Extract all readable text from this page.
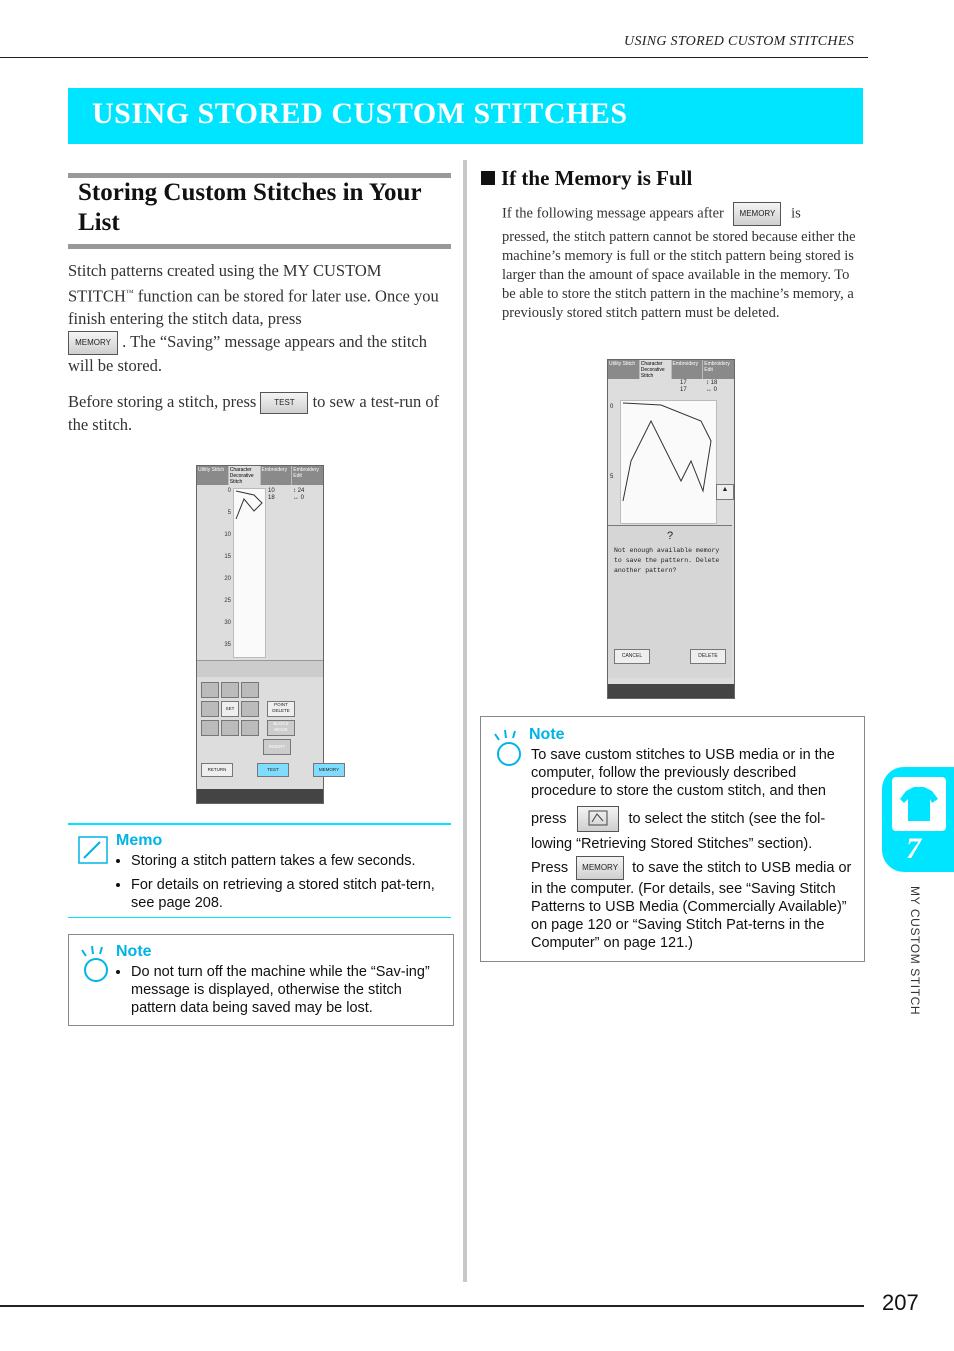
USING STORED CUSTOM STITCHES
USING STORED CUSTOM STITCHES
Storing Custom Stitches in Your List
Stitch patterns created using the MY CUSTOM STITCH™ function can be stored for later use. Once you finish entering the stitch data, press
MEMORY . The “Saving” message appears and the stitch will be stored.
Before storing a stitch, press TEST to sew a test-run of the stitch.
Utility Stitch	Character Decorative Stitch
Embroidery	Embroidery Edit
0
5
10
15
20
25
30
35
10
18
↕ 24
↔ 0
SET
POINT DELETE
BLOCK MOVE
INSERT
RETURN	TEST	MEMORY
Memo
• Storing a stitch pattern takes a few seconds.
• For details on retrieving a stored stitch pat-tern, see page 208.
Note
• Do not turn off the machine while the “Sav-ing” message is displayed, otherwise the stitch pattern data being saved may be lost.
If the Memory is Full
If the following message appears after MEMORY is
pressed, the stitch pattern cannot be stored because either the machine’s memory is full or the stitch pattern being stored is larger than the amount of space available in the memory. To be able to store the stitch pattern in the machine’s memory, a previously stored stitch pattern must be deleted.
Utility Stitch	Character Decorative Stitch
Embroidery	Embroidery Edit
17
17
↕ 18
↔ 0
0
5
▲
?
Not enough available memory to save the pattern. Delete another pattern?
CANCEL	DELETE
Note
To save custom stitches to USB media or in the computer, follow the previously described procedure to store the custom stitch, and then
press	to select the stitch (see the fol-lowing “Retrieving Stored Stitches” section).
Press MEMORY to save the stitch to USB media or in the computer. (For details, see “Saving Stitch Patterns to USB Media (Commercially Available)” on page 120 or “Saving Stitch Pat-terns in the Computer” on page 121.)
7
MY CUSTOM STITCH
207
